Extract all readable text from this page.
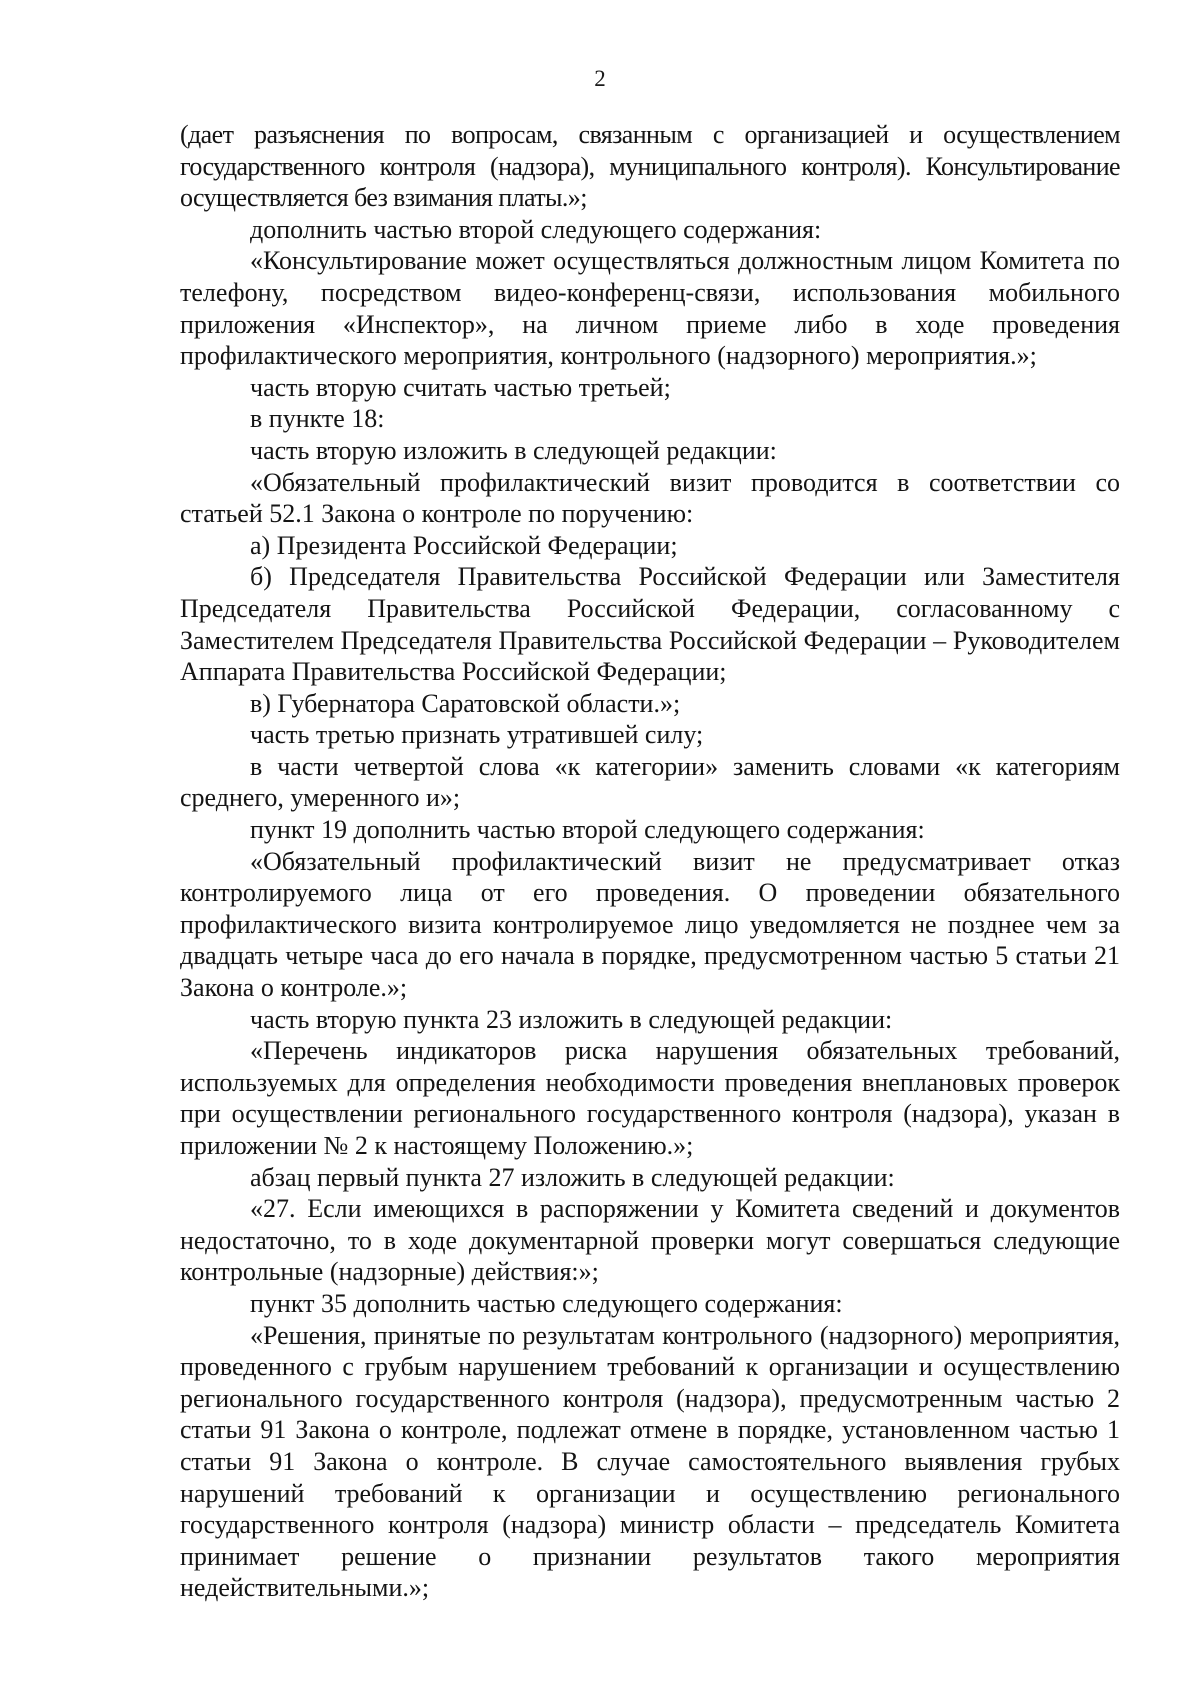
2

(дает разъяснения по вопросам, связанным с организацией и осуществлением государственного контроля (надзора), муниципального контроля). Консультирование осуществляется без взимания платы.»;

дополнить частью второй следующего содержания:

«Консультирование может осуществляться должностным лицом Комитета по телефону, посредством видео-конференц-связи, использования мобильного приложения «Инспектор», на личном приеме либо в ходе проведения профилактического мероприятия, контрольного (надзорного) мероприятия.»;

часть вторую считать частью третьей;

в пункте 18:

часть вторую изложить в следующей редакции:

«Обязательный профилактический визит проводится в соответствии со статьей 52.1 Закона о контроле по поручению:

а) Президента Российской Федерации;

б) Председателя Правительства Российской Федерации или Заместителя Председателя Правительства Российской Федерации, согласованному с Заместителем Председателя Правительства Российской Федерации – Руководителем Аппарата Правительства Российской Федерации;

в) Губернатора Саратовской области.»;

часть третью признать утратившей силу;

в части четвертой слова «к категории» заменить словами «к категориям среднего, умеренного и»;

пункт 19 дополнить частью второй следующего содержания:

«Обязательный профилактический визит не предусматривает отказ контролируемого лица от его проведения. О проведении обязательного профилактического визита контролируемое лицо уведомляется не позднее чем за двадцать четыре часа до его начала в порядке, предусмотренном частью 5 статьи 21 Закона о контроле.»;

часть вторую пункта 23 изложить в следующей редакции:

«Перечень индикаторов риска нарушения обязательных требований, используемых для определения необходимости проведения внеплановых проверок при осуществлении регионального государственного контроля (надзора), указан в приложении № 2 к настоящему Положению.»;

абзац первый пункта 27 изложить в следующей редакции:

«27. Если имеющихся в распоряжении у Комитета сведений и документов недостаточно, то в ходе документарной проверки могут совершаться следующие контрольные (надзорные) действия:»;

пункт 35 дополнить частью следующего содержания:

«Решения, принятые по результатам контрольного (надзорного) мероприятия, проведенного с грубым нарушением требований к организации и осуществлению регионального государственного контроля (надзора), предусмотренным частью 2 статьи 91 Закона о контроле, подлежат отмене в порядке, установленном частью 1 статьи 91 Закона о контроле. В случае самостоятельного выявления грубых нарушений требований к организации и осуществлению регионального государственного контроля (надзора) министр области – председатель Комитета принимает решение о признании результатов такого мероприятия недействительными.»;
